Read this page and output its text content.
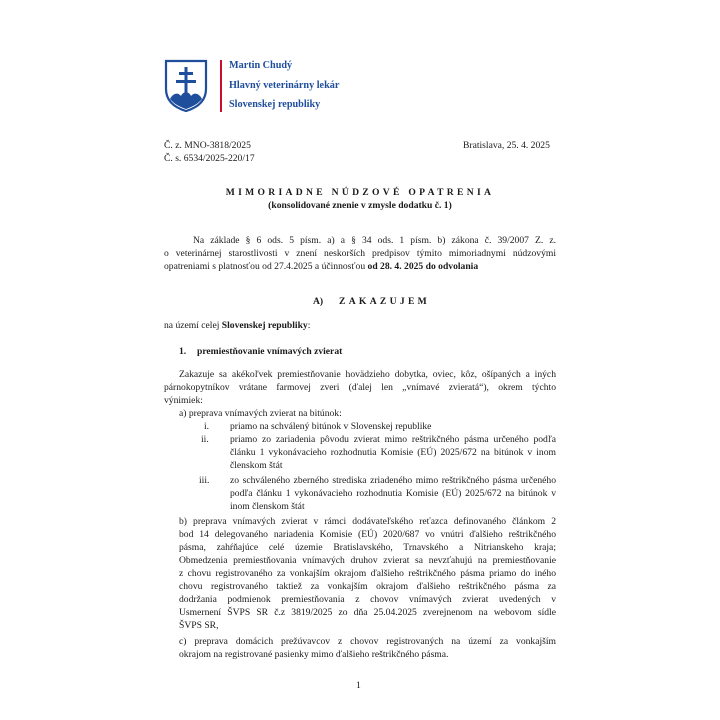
Martin Chudý
Hlavný veterinárny lekár
Slovenskej republiky
Č. z. MNO-3818/2025
Č. s. 6534/2025-220/17
Bratislava, 25. 4. 2025
MIMORIADNE NÚDZOVÉ OPATRENIA
(konsolidované znenie v zmysle dodatku č. 1)
Na základe § 6 ods. 5 písm. a) a § 34 ods. 1 písm. b) zákona č. 39/2007 Z. z.
o veterinárnej starostlivosti v znení neskorších predpisov týmito mimoriadnymi núdzovými
opatreniami s platnosťou od 27.4.2025 a účinnosťou od 28. 4. 2025 do odvolania
A) ZAKAZUJEM
na území celej Slovenskej republiky:
1. premiestňovanie vnímavých zvierat
Zakazuje sa akékoľvek premiestňovanie hovädzieho dobytka, oviec, kôz, ošípaných a iných
párnokopytníkov vrátane farmovej zveri (ďalej len „vnímavé zvieratá“), okrem týchto
výnimiek:
a) preprava vnímavých zvierat na bitúnok:
i. priamo na schválený bitúnok v Slovenskej republike
ii. priamo zo zariadenia pôvodu zvierat mimo reštrikčného pásma určeného podľa
článku 1 vykonávacieho rozhodnutia Komisie (EÚ) 2025/672 na bitúnok v inom
členskom štát
iii. zo schváleného zberného strediska zriadeného mimo reštrikčného pásma určeného
podľa článku 1 vykonávacieho rozhodnutia Komisie (EÚ) 2025/672 na bitúnok v
inom členskom štát
b) preprava vnímavých zvierat v rámci dodávateľského reťazca definovaného článkom 2
bod 14 delegovaného nariadenia Komisie (EÚ) 2020/687 vo vnútri ďalšieho reštrikčného
pásma, zahŕňajúce celé územie Bratislavského, Trnavského a Nitrianskeho kraja;
Obmedzenia premiestňovania vnímavých druhov zvierat sa nevzťahujú na premiestňovanie
z chovu registrovaného za vonkajším okrajom ďalšieho reštrikčného pásma priamo do iného
chovu registrovaného taktiež za vonkajším okrajom ďalšieho reštrikčného pásma za
dodržania podmienok premiestňovania z chovov vnímavých zvierat uvedených v
Usmernení ŠVPS SR č.z 3819/2025 zo dňa 25.04.2025 zverejnenom na webovom sídle
ŠVPS SR,
c) preprava domácich prežúvavcov z chovov registrovaných na území za vonkajším
okrajom na registrované pasienky mimo ďalšieho reštrikčného pásma.
1
